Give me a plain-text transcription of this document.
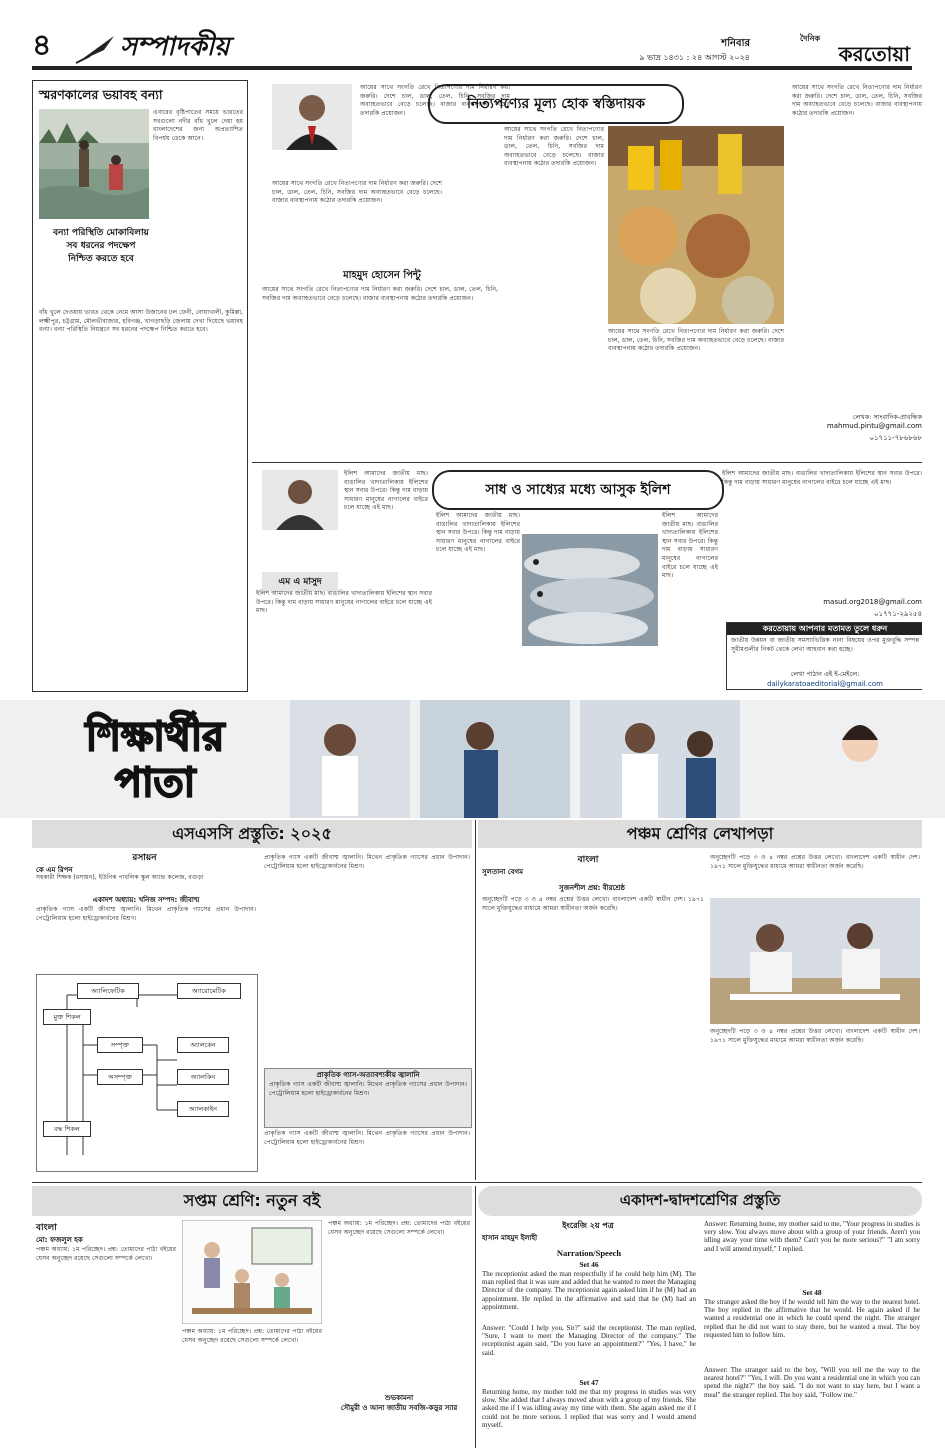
৪	সম্পাদকীয়	শনিবার
৯ ভাদ্র ১৪৩১ : ২৪ আগস্ট ২০২৪
দৈনিক
করতোয়া
স্মরণকালের ভয়াবহ বন্যা
এবারের বৃষ্টিপাতের সময়ে ভারতের সবগুলো নদীর বাঁধ খুলে দেয়া হয় বাংলাদেশের জন্য অপ্রত্যাশিত বিপর্যয় ডেকে আনে।
বন্যা পরিস্থিতি মোকাবিলায় সব ধরনের পদক্ষেপ নিশ্চিত করতে হবে
বাঁধ খুলে দেওয়ায় ভারত থেকে নেমে আসা উজানের ঢল ফেনী, নোয়াখালী, কুমিল্লা, লক্ষ্মীপুর, চট্টগ্রাম, মৌলভীবাজার, হবিগঞ্জ, খাগড়াছড়ি জেলায় দেখা দিয়েছে ভয়াবহ বন্যা। বন্যা পরিস্থিতি নিয়ন্ত্রণে সব ধরনের পদক্ষেপ নিশ্চিত করতে হবে।
আয়ের সাথে সংগতি রেখে নিত্যপণ্যের দাম নির্ধারণ করা জরুরি। দেশে চাল, ডাল, তেল, চিনি, সবজির দাম অব্যাহতভাবে বেড়ে চলেছে। বাজার ব্যবস্থাপনায় কঠোর তদারকি প্রয়োজন।
আয়ের সাথে সংগতি রেখে নিত্যপণ্যের দাম নির্ধারণ করা জরুরি। দেশে চাল, ডাল, তেল, চিনি, সবজির দাম অব্যাহতভাবে বেড়ে চলেছে। বাজার ব্যবস্থাপনায় কঠোর তদারকি প্রয়োজন।
মাহমুদ হোসেন পিন্টু
আয়ের সাথে সংগতি রেখে নিত্যপণ্যের দাম নির্ধারণ করা জরুরি। দেশে চাল, ডাল, তেল, চিনি, সবজির দাম অব্যাহতভাবে বেড়ে চলেছে। বাজার ব্যবস্থাপনায় কঠোর তদারকি প্রয়োজন।
নিত্যপণ্যের মূল্য হোক স্বস্তিদায়ক
আয়ের সাথে সংগতি রেখে নিত্যপণ্যের দাম নির্ধারণ করা জরুরি। দেশে চাল, ডাল, তেল, চিনি, সবজির দাম অব্যাহতভাবে বেড়ে চলেছে। বাজার ব্যবস্থাপনায় কঠোর তদারকি প্রয়োজন।
আয়ের সাথে সংগতি রেখে নিত্যপণ্যের দাম নির্ধারণ করা জরুরি। দেশে চাল, ডাল, তেল, চিনি, সবজির দাম অব্যাহতভাবে বেড়ে চলেছে। বাজার ব্যবস্থাপনায় কঠোর তদারকি প্রয়োজন।
আয়ের সাথে সংগতি রেখে নিত্যপণ্যের দাম নির্ধারণ করা জরুরি। দেশে চাল, ডাল, তেল, চিনি, সবজির দাম অব্যাহতভাবে বেড়ে চলেছে। বাজার ব্যবস্থাপনায় কঠোর তদারকি প্রয়োজন।
লেখক: সাংবাদিক-প্রাবন্ধিক
mahmud.pintu@gmail.com
০১৭১১-৭৮৬৮৬৮
ইলিশ আমাদের জাতীয় মাছ। বাঙালির খাদ্যতালিকায় ইলিশের স্থান সবার উপরে। কিন্তু দাম বাড়ায় সাধারণ মানুষের নাগালের বাইরে চলে যাচ্ছে এই মাছ।
এম এ মাসুদ
ইলিশ আমাদের জাতীয় মাছ। বাঙালির খাদ্যতালিকায় ইলিশের স্থান সবার উপরে। কিন্তু দাম বাড়ায় সাধারণ মানুষের নাগালের বাইরে চলে যাচ্ছে এই মাছ।
সাধ ও সাধ্যের মধ্যে আসুক ইলিশ
ইলিশ আমাদের জাতীয় মাছ। বাঙালির খাদ্যতালিকায় ইলিশের স্থান সবার উপরে। কিন্তু দাম বাড়ায় সাধারণ মানুষের নাগালের বাইরে চলে যাচ্ছে এই মাছ।
ইলিশ আমাদের জাতীয় মাছ। বাঙালির খাদ্যতালিকায় ইলিশের স্থান সবার উপরে। কিন্তু দাম বাড়ায় সাধারণ মানুষের নাগালের বাইরে চলে যাচ্ছে এই মাছ।
ইলিশ আমাদের জাতীয় মাছ। বাঙালির খাদ্যতালিকায় ইলিশের স্থান সবার উপরে। কিন্তু দাম বাড়ায় সাধারণ মানুষের নাগালের বাইরে চলে যাচ্ছে এই মাছ।
masud.org2018@gmail.com
০১৭৭১-২৯২৫৪
করতোয়ায় আপনার মতামত তুলে ধরুন
জাতীয় উন্নয়ন বা জাতীয় সমস্যাভিত্তিক নানা বিষয়ের ওপর মুক্তবুদ্ধি সম্পন্ন সুধীমণ্ডলীর নিকট থেকে লেখা আহবান করা হচ্ছে।
লেখা পাঠান এই ই-মেইলে:
dailykaratoaeditorial@gmail.com
শিক্ষার্থীর পাতা
এসএসসি প্রস্তুতি: ২০২৫
রসায়ন
কে এম রিপন
সহকারী শিক্ষক (রসায়ন), ইউনিক পাবলিক স্কুল অ্যান্ড কলেজ, বগুড়া
একাদশ অধ্যায়: খনিজ সম্পদ: জীবাশ্ম
প্রাকৃতিক গ্যাস একটি জীবাশ্ম জ্বালানি। মিথেন প্রাকৃতিক গ্যাসের প্রধান উপাদান। পেট্রোলিয়াম হলো হাইড্রোকার্বনের মিশ্রণ।
অ্যালিফেটিক	অ্যারোমেটিক
মুক্ত শিকল
সম্পৃক্ত
অসম্পৃক্ত
অ্যালকেন
অ্যালকিন
অ্যালকাইন
বদ্ধ শিকল
প্রাকৃতিক গ্যাস একটি জীবাশ্ম জ্বালানি। মিথেন প্রাকৃতিক গ্যাসের প্রধান উপাদান। পেট্রোলিয়াম হলো হাইড্রোকার্বনের মিশ্রণ।
প্রাকৃতিক গ্যাস-অত্যাবশ্যকীয় জ্বালানি
প্রাকৃতিক গ্যাস একটি জীবাশ্ম জ্বালানি। মিথেন প্রাকৃতিক গ্যাসের প্রধান উপাদান। পেট্রোলিয়াম হলো হাইড্রোকার্বনের মিশ্রণ।
প্রাকৃতিক গ্যাস একটি জীবাশ্ম জ্বালানি। মিথেন প্রাকৃতিক গ্যাসের প্রধান উপাদান। পেট্রোলিয়াম হলো হাইড্রোকার্বনের মিশ্রণ।
পঞ্চম শ্রেণির লেখাপড়া
বাংলা
সুলতানা বেগম
সুজনশীল প্রশ্ন: বীরশ্রেষ্ঠ
অনুচ্ছেদটি পড়ে ৩ ও ৪ নম্বর প্রশ্নের উত্তর লেখো। বাংলাদেশ একটি স্বাধীন দেশ। ১৯৭১ সালে মুক্তিযুদ্ধের মাধ্যমে আমরা স্বাধীনতা অর্জন করেছি।
অনুচ্ছেদটি পড়ে ৩ ও ৪ নম্বর প্রশ্নের উত্তর লেখো। বাংলাদেশ একটি স্বাধীন দেশ। ১৯৭১ সালে মুক্তিযুদ্ধের মাধ্যমে আমরা স্বাধীনতা অর্জন করেছি।
অনুচ্ছেদটি পড়ে ৩ ও ৪ নম্বর প্রশ্নের উত্তর লেখো। বাংলাদেশ একটি স্বাধীন দেশ। ১৯৭১ সালে মুক্তিযুদ্ধের মাধ্যমে আমরা স্বাধীনতা অর্জন করেছি।
সপ্তম শ্রেণি: নতুন বই
বাংলা
মো: ফজলুল হক
পঞ্চম অধ্যায়: ১ম পরিচ্ছেদ। প্রশ্ন: তোমাদের পাঠ্য বইয়ের যেসব অনুচ্ছেদ রয়েছে সেগুলো সম্পর্কে লেখো।
পঞ্চম অধ্যায়: ১ম পরিচ্ছেদ। প্রশ্ন: তোমাদের পাঠ্য বইয়ের যেসব অনুচ্ছেদ রয়েছে সেগুলো সম্পর্কে লেখো।
পঞ্চম অধ্যায়: ১ম পরিচ্ছেদ। প্রশ্ন: তোমাদের পাঠ্য বইয়ের যেসব অনুচ্ছেদ রয়েছে সেগুলো সম্পর্কে লেখো।
শুভকামনা
সৌমুরী ও আনা জাতীয় সবজি-কড়ুর স্যার
একাদশ-দ্বাদশশ্রেণির প্রস্তুতি
ইংরেজি ২য় পত্র
হাসান মাহমুদ ইলাহী
Narration/Speech
Set 46
The receptionist asked the man respectfully if he could help him (M). The man replied that it was sure and added that he wanted to meet the Managing Director of the company. The receptionist again asked him if he (M) had an appointment. He replied in the affirmative and said that he (M) had an appointment.
Answer: "Could I help you, Sir?" said the receptionist. The man replied, "Sure, I want to meet the Managing Director of the company." The receptionist again said, "Do you have an appointment?" "Yes, I have," he said.
Set 47
Returning home, my mother told me that my progress in studies was very slow. She added that I always moved about with a group of my friends. She asked me if I was idling away my time with them. She again asked me if I could not be more serious. I replied that was sorry and I would amend myself.
Answer: Returning home, my mother said to me, "Your progress in studies is very slow. You always move about with a group of your friends. Aren't you idling away your time with them? Can't you be more serious?" "I am sorry and I will amend myself," I replied.
Set 48
The stranger asked the boy if he would tell him the way to the nearest hotel. The boy replied in the affirmative that he would. He again asked if he wanted a residential one in which he could spend the night. The stranger replied that he did not want to stay there, but he wanted a meal. The boy requested him to follow him.
Answer: The stranger said to the boy, "Will you tell me the way to the nearest hotel?" "Yes, I will. Do you want a residential one in which you can spend the night?" the boy said. "I do not want to stay here, but I want a meal" the stranger replied. The boy said, "Follow me."
